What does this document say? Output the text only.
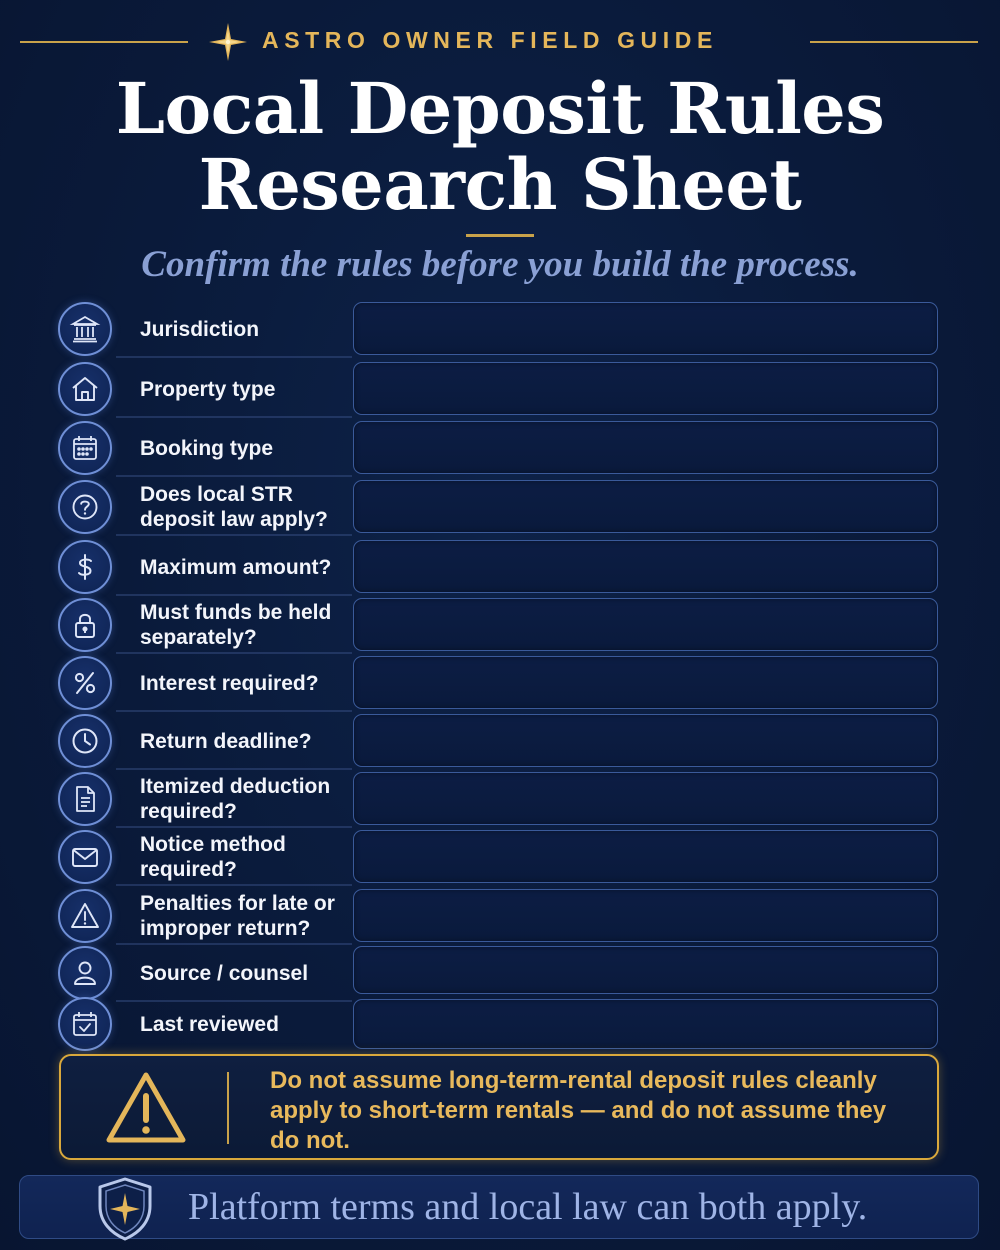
ASTRO OWNER FIELD GUIDE
Local Deposit Rules
Research Sheet
Confirm the rules before you build the process.
Jurisdiction
Property type
Booking type
Does local STR deposit law apply?
Maximum amount?
Must funds be held separately?
Interest required?
Return deadline?
Itemized deduction required?
Notice method required?
Penalties for late or improper return?
Source / counsel
Last reviewed
Do not assume long-term-rental deposit rules cleanly apply to short-term rentals — and do not assume they do not.
Platform terms and local law can both apply.
